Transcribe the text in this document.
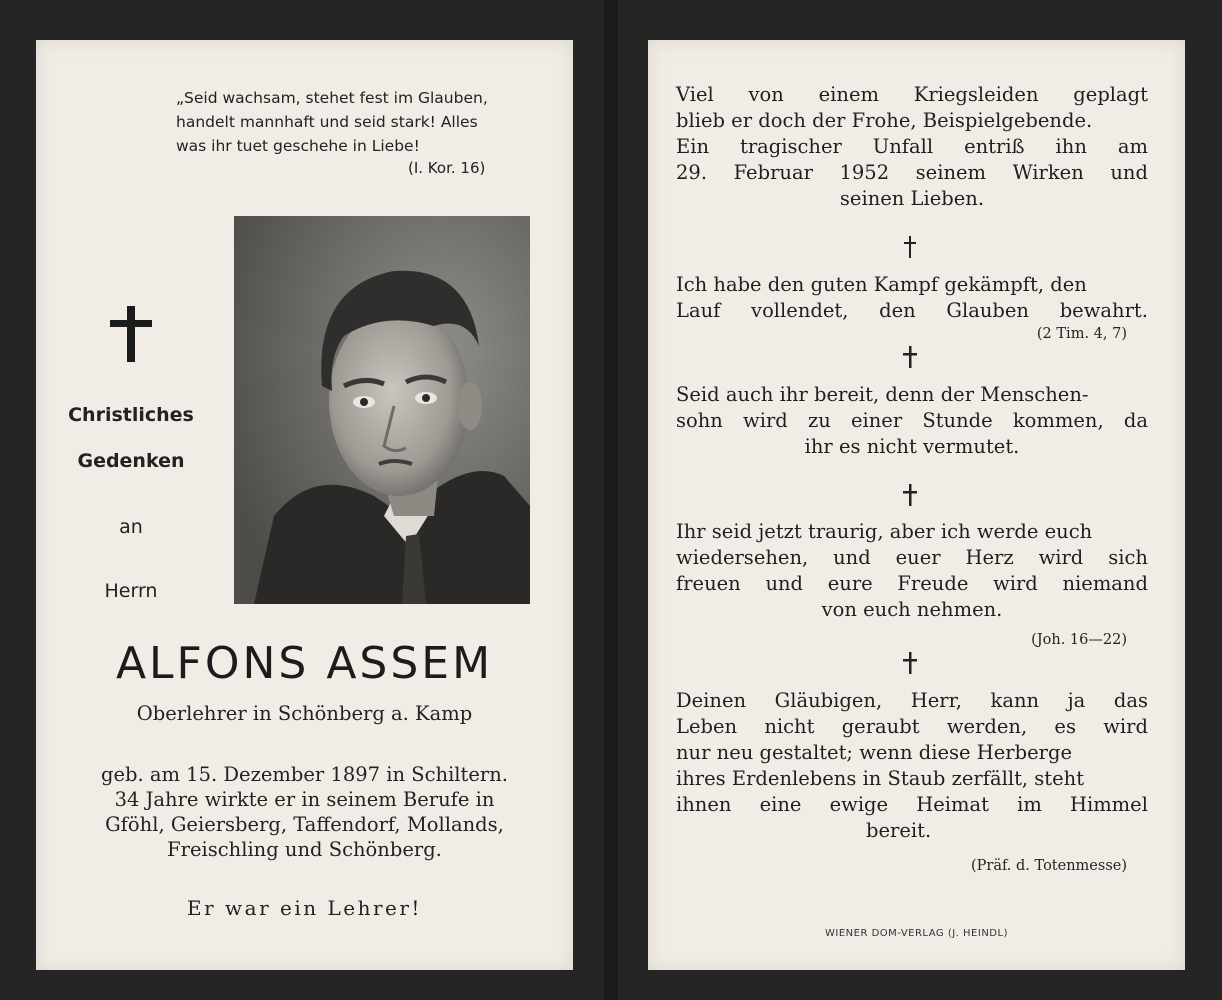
„Seid wachsam, stehet fest im Glauben,
handelt mannhaft und seid stark! Alles
was ihr tuet geschehe in Liebe!
(I. Kor. 16)
Christliches
Gedenken
an
Herrn
ALFONS ASSEM
Oberlehrer in Schönberg a. Kamp
geb. am 15. Dezember 1897 in Schiltern.
34 Jahre wirkte er in seinem Berufe in
Gföhl, Geiersberg, Taffendorf, Mollands,
Freischling und Schönberg.
Er war ein Lehrer!
Viel von einem Kriegsleiden geplagt
blieb er doch der Frohe, Beispielgebende.
Ein tragischer Unfall entriß ihn am
29. Februar 1952 seinem Wirken und
seinen Lieben.
Ich habe den guten Kampf gekämpft, den
Lauf vollendet, den Glauben bewahrt.
(2 Tim. 4, 7)
Seid auch ihr bereit, denn der Menschen-
sohn wird zu einer Stunde kommen, da
ihr es nicht vermutet.
Ihr seid jetzt traurig, aber ich werde euch
wiedersehen, und euer Herz wird sich
freuen und eure Freude wird niemand
von euch nehmen.
(Joh. 16—22)
Deinen Gläubigen, Herr, kann ja das
Leben nicht geraubt werden, es wird
nur neu gestaltet; wenn diese Herberge
ihres Erdenlebens in Staub zerfällt, steht
ihnen eine ewige Heimat im Himmel
bereit.
(Präf. d. Totenmesse)
WIENER DOM-VERLAG (J. HEINDL)
